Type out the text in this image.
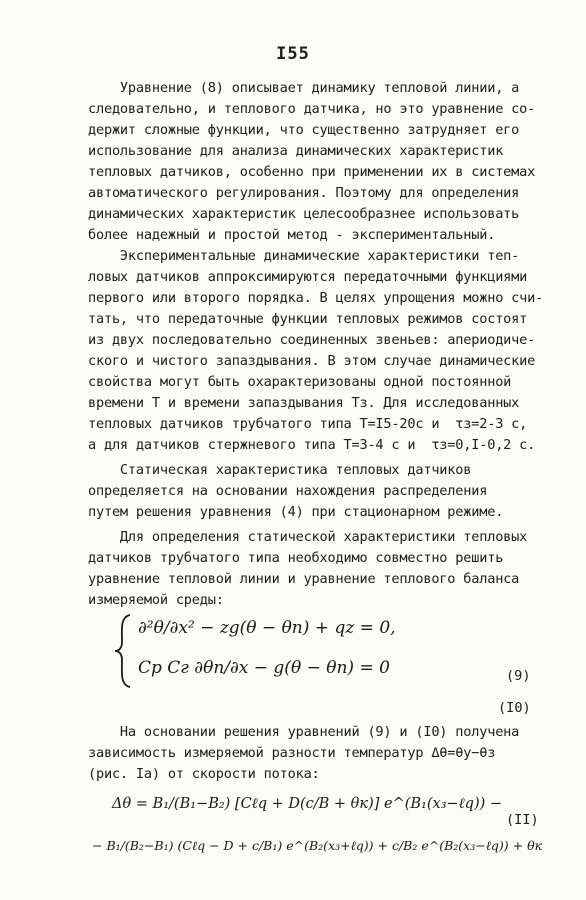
I55
Уравнение (8) описывает динамику тепловой линии, а
следовательно, и теплового датчика, но это уравнение со-
держит сложные функции, что существенно затрудняет его
использование для анализа динамических характеристик
тепловых датчиков, особенно при применении их в системах
автоматического регулирования. Поэтому для определения
динамических характеристик целесообразнее использовать
более надежный и простой метод - экспериментальный.
Экспериментальные динамические характеристики теп-
ловых датчиков аппроксимируются передаточными функциями
первого или второго порядка. В целях упрощения можно счи-
тать, что передаточные функции тепловых режимов состоят
из двух последовательно соединенных звеньев: апериодиче-
ского и чистого запаздывания. В этом случае динамические
свойства могут быть охарактеризованы одной постоянной
времени Т и времени запаздывания Тз. Для исследованных
тепловых датчиков трубчатого типа Т=I5-20с и  τз=2-3 с,
а для датчиков стержневого типа Т=3-4 с и  τз=0,I-0,2 с.
Статическая характеристика тепловых датчиков
определяется на основании нахождения распределения
путем решения уравнения (4) при стационарном режиме.
Для определения статической характеристики тепловых
датчиков трубчатого типа необходимо совместно решить
уравнение тепловой линии и уравнение теплового баланса
измеряемой среды:
∂²θ/∂x² − zg(θ − θп) + qz = 0,
Cр Cг ∂θп/∂x − g(θ − θп) = 0	(9)
(I0)
На основании решения уравнений (9) и (I0) получена
зависимость измеряемой разности температур Δθ=θу−θз
(рис. Iа) от скорости потока:
Δθ = B₁/(B₁−B₂) [Cℓq + D(c/B + θк)] e^(B₁(x₃−ℓq)) −
(II)
− B₁/(B₂−B₁) (Cℓq − D + c/B₁) e^(B₂(x₃+ℓq)) + c/B₂ e^(B₂(x₃−ℓq)) + θк
